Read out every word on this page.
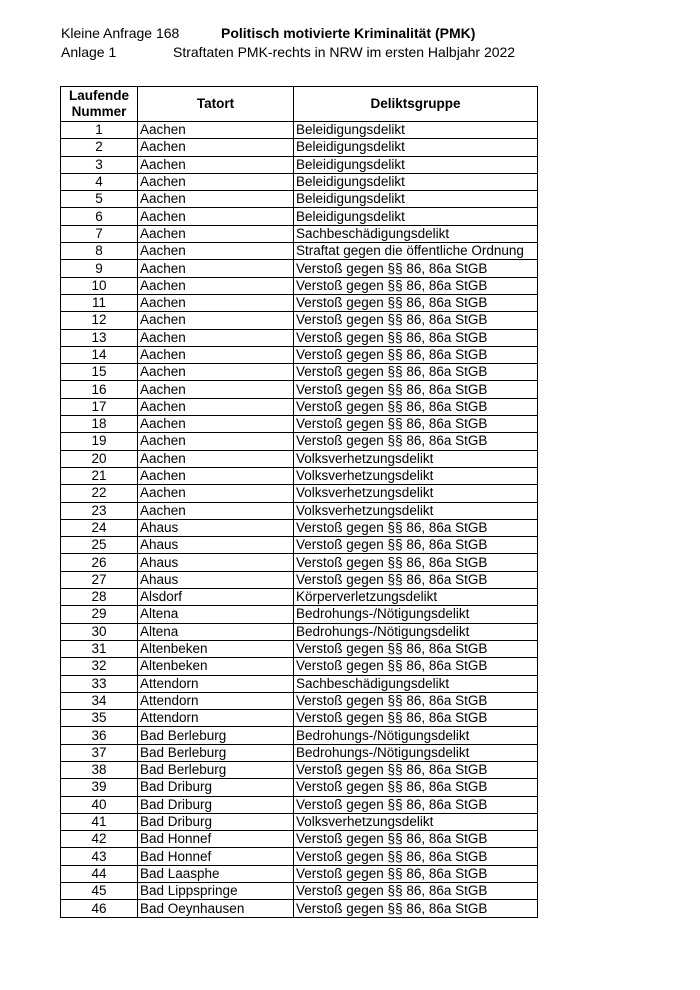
Kleine Anfrage 168
Anlage 1
Politisch motivierte Kriminalität (PMK)
Straftaten PMK-rechts in NRW im ersten Halbjahr 2022
Laufende
Nummer	Tatort	Deliktsgruppe
1	Aachen	Beleidigungsdelikt
2	Aachen	Beleidigungsdelikt
3	Aachen	Beleidigungsdelikt
4	Aachen	Beleidigungsdelikt
5	Aachen	Beleidigungsdelikt
6	Aachen	Beleidigungsdelikt
7	Aachen	Sachbeschädigungsdelikt
8	Aachen	Straftat gegen die öffentliche Ordnung
9	Aachen	Verstoß gegen §§ 86, 86a StGB
10	Aachen	Verstoß gegen §§ 86, 86a StGB
11	Aachen	Verstoß gegen §§ 86, 86a StGB
12	Aachen	Verstoß gegen §§ 86, 86a StGB
13	Aachen	Verstoß gegen §§ 86, 86a StGB
14	Aachen	Verstoß gegen §§ 86, 86a StGB
15	Aachen	Verstoß gegen §§ 86, 86a StGB
16	Aachen	Verstoß gegen §§ 86, 86a StGB
17	Aachen	Verstoß gegen §§ 86, 86a StGB
18	Aachen	Verstoß gegen §§ 86, 86a StGB
19	Aachen	Verstoß gegen §§ 86, 86a StGB
20	Aachen	Volksverhetzungsdelikt
21	Aachen	Volksverhetzungsdelikt
22	Aachen	Volksverhetzungsdelikt
23	Aachen	Volksverhetzungsdelikt
24	Ahaus	Verstoß gegen §§ 86, 86a StGB
25	Ahaus	Verstoß gegen §§ 86, 86a StGB
26	Ahaus	Verstoß gegen §§ 86, 86a StGB
27	Ahaus	Verstoß gegen §§ 86, 86a StGB
28	Alsdorf	Körperverletzungsdelikt
29	Altena	Bedrohungs-/Nötigungsdelikt
30	Altena	Bedrohungs-/Nötigungsdelikt
31	Altenbeken	Verstoß gegen §§ 86, 86a StGB
32	Altenbeken	Verstoß gegen §§ 86, 86a StGB
33	Attendorn	Sachbeschädigungsdelikt
34	Attendorn	Verstoß gegen §§ 86, 86a StGB
35	Attendorn	Verstoß gegen §§ 86, 86a StGB
36	Bad Berleburg	Bedrohungs-/Nötigungsdelikt
37	Bad Berleburg	Bedrohungs-/Nötigungsdelikt
38	Bad Berleburg	Verstoß gegen §§ 86, 86a StGB
39	Bad Driburg	Verstoß gegen §§ 86, 86a StGB
40	Bad Driburg	Verstoß gegen §§ 86, 86a StGB
41	Bad Driburg	Volksverhetzungsdelikt
42	Bad Honnef	Verstoß gegen §§ 86, 86a StGB
43	Bad Honnef	Verstoß gegen §§ 86, 86a StGB
44	Bad Laasphe	Verstoß gegen §§ 86, 86a StGB
45	Bad Lippspringe	Verstoß gegen §§ 86, 86a StGB
46	Bad Oeynhausen	Verstoß gegen §§ 86, 86a StGB
